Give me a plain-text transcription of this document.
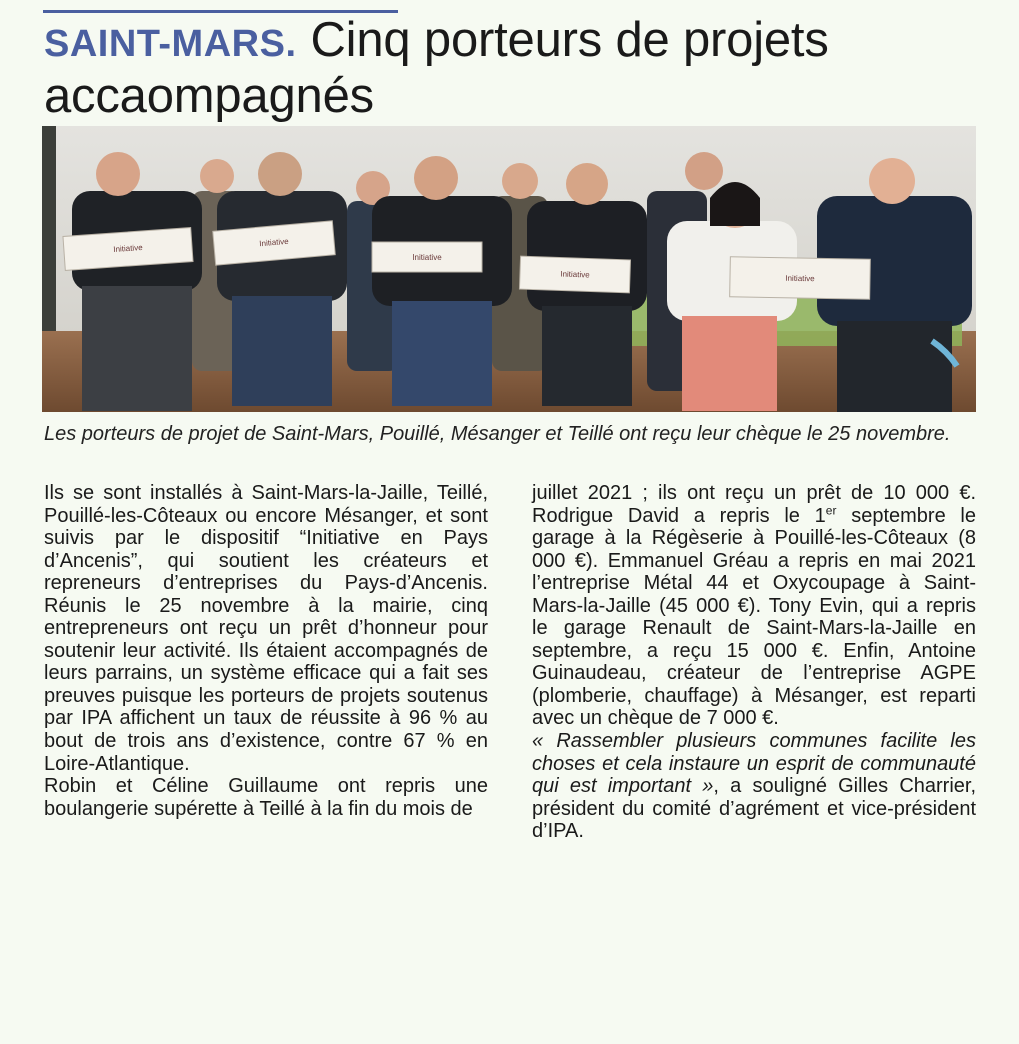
SAINT-MARS. Cinq porteurs de projets accaompagnés
Initiative
Initiative
Initiative
Initiative	Initiative

Les porteurs de projet de Saint-Mars, Pouillé, Mésanger et Teillé ont reçu leur chèque le 25 novembre.

Ils se sont installés à Saint-Mars-la-Jaille, Teillé, Pouillé-les-Côteaux ou encore Mésanger, et sont suivis par le dispositif “Initiative en Pays d’Ancenis”, qui soutient les créateurs et repreneurs d’entreprises du Pays-d’Ancenis. Réunis le 25 novembre à la mairie, cinq entrepreneurs ont reçu un prêt d’honneur pour soutenir leur activité. Ils étaient accompagnés de leurs parrains, un système efficace qui a fait ses preuves puisque les porteurs de projets soutenus par IPA affichent un taux de réussite à 96 % au bout de trois ans d’existence, contre 67 % en Loire-Atlantique.

Robin et Céline Guillaume ont repris une boulangerie supérette à Teillé à la fin du mois de

juillet 2021 ; ils ont reçu un prêt de 10 000 €. Rodrigue David a repris le 1er septembre le garage à la Régèserie à Pouillé-les-Côteaux (8 000 €). Emmanuel Gréau a repris en mai 2021 l’entreprise Métal 44 et Oxycoupage à Saint-Mars-la-Jaille (45 000 €). Tony Evin, qui a repris le garage Renault de Saint-Mars-la-Jaille en septembre, a reçu 15 000 €. Enfin, Antoine Guinaudeau, créateur de l’entreprise AGPE (plomberie, chauffage) à Mésanger, est reparti avec un chèque de 7 000 €.

« Rassembler plusieurs communes facilite les choses et cela instaure un esprit de communauté qui est important », a souligné Gilles Charrier, président du comité d’agrément et vice-président d’IPA.
